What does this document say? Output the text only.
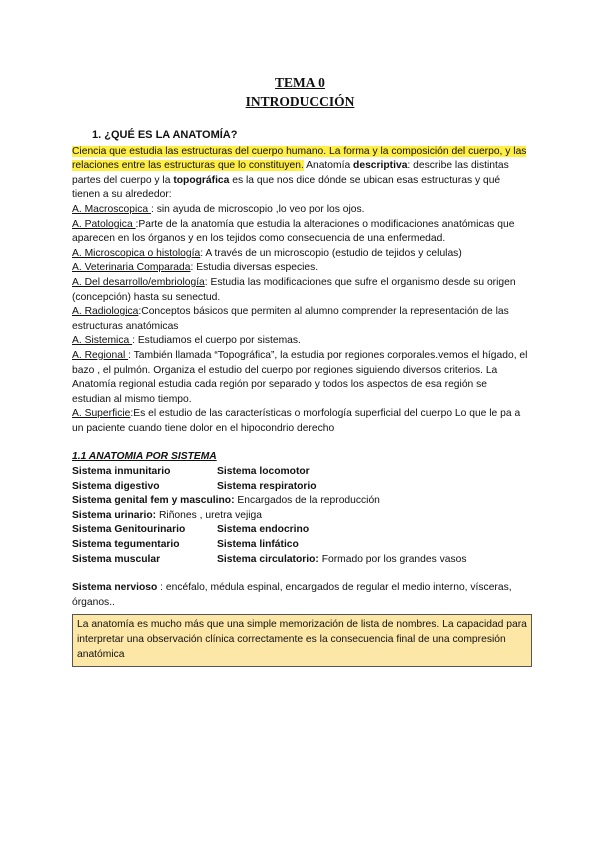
TEMA 0
INTRODUCCIÓN

1. ¿QUÉ ES LA ANATOMÍA?

Ciencia que estudia las estructuras del cuerpo humano. La forma y la composición del cuerpo, y las relaciones entre las estructuras que lo constituyen. Anatomía descriptiva: describe las distintas partes del cuerpo y la topográfica es la que nos dice dónde se ubican esas estructuras y qué tienen a su alrededor:

A. Macroscopica : sin ayuda de microscopio ,lo veo por los ojos.

A. Patologica :Parte de la anatomía que estudia la alteraciones o modificaciones anatómicas que aparecen en los órganos y en los tejidos como consecuencia de una enfermedad.

A. Microscopica o histología: A través de un microscopio (estudio de tejidos y celulas)

A. Veterinaria Comparada: Estudia diversas especies.

A. Del desarrollo/embriología: Estudia las modificaciones que sufre el organismo desde su origen (concepción) hasta su senectud.

A. Radiologica:Conceptos básicos que permiten al alumno comprender la representación de las estructuras anatómicas

A. Sistemica : Estudiamos el cuerpo por sistemas.

A. Regional : También llamada “Topográfica”, la estudia por regiones corporales.vemos el hígado, el bazo , el pulmón. Organiza el estudio del cuerpo por regiones siguiendo diversos criterios. La Anatomía regional estudia cada región por separado y todos los aspectos de esa región se estudian al mismo tiempo.

A. Superficie:Es el estudio de las características o morfología superficial del cuerpo Lo que le pa a un paciente cuando tiene dolor en el hipocondrio derecho

1.1 ANATOMIA POR SISTEMA

Sistema inmunitario	Sistema locomotor
Sistema digestivo	Sistema respiratorio
Sistema genital fem y masculino: Encargados de la reproducción
Sistema urinario: Riñones , uretra vejiga
Sistema Genitourinario	Sistema endocrino
Sistema tegumentario	Sistema linfático
Sistema muscular	Sistema circulatorio: Formado por los grandes vasos

Sistema nervioso : encéfalo, médula espinal, encargados de regular el medio interno, vísceras, órganos..

La anatomía es mucho más que una simple memorización de lista de nombres. La capacidad para interpretar una observación clínica correctamente es la consecuencia final de una compresión anatómica
